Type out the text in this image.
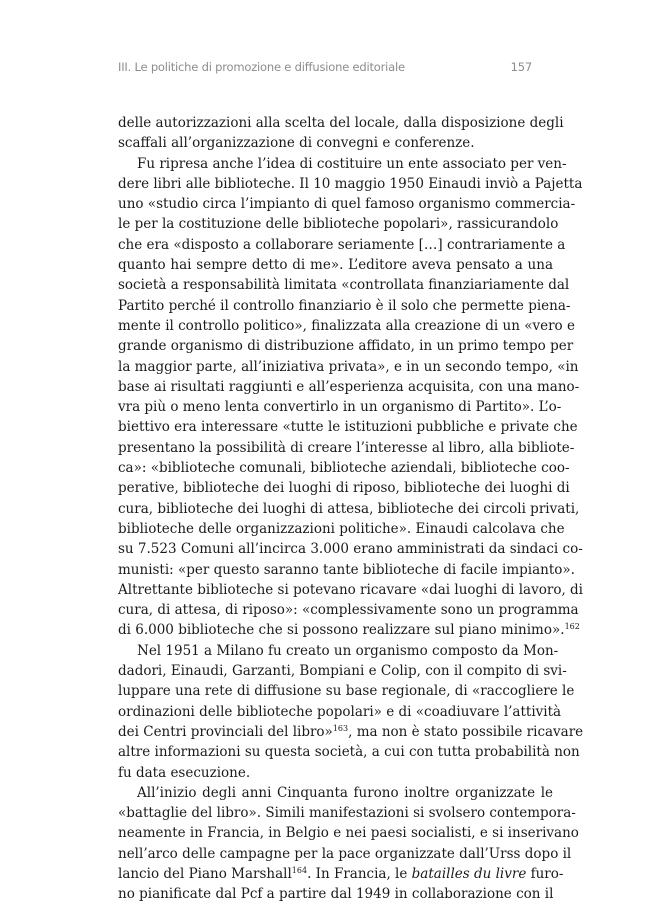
III. Le politiche di promozione e diffusione editoriale	157
delle autorizzazioni alla scelta del locale, dalla disposizione degli
scaffali all’organizzazione di convegni e conferenze.
Fu ripresa anche l’idea di costituire un ente associato per ven-
dere libri alle biblioteche. Il 10 maggio 1950 Einaudi inviò a Pajetta
uno «studio circa l’impianto di quel famoso organismo commercia-
le per la costituzione delle biblioteche popolari», rassicurandolo
che era «disposto a collaborare seriamente […] contrariamente a
quanto hai sempre detto di me». L’editore aveva pensato a una
società a responsabilità limitata «controllata finanziariamente dal
Partito perché il controllo finanziario è il solo che permette piena-
mente il controllo politico», finalizzata alla creazione di un «vero e
grande organismo di distribuzione affidato, in un primo tempo per
la maggior parte, all’iniziativa privata», e in un secondo tempo, «in
base ai risultati raggiunti e all’esperienza acquisita, con una mano-
vra più o meno lenta convertirlo in un organismo di Partito». L’o-
biettivo era interessare «tutte le istituzioni pubbliche e private che
presentano la possibilità di creare l’interesse al libro, alla bibliote-
ca»: «biblioteche comunali, biblioteche aziendali, biblioteche coo-
perative, biblioteche dei luoghi di riposo, biblioteche dei luoghi di
cura, biblioteche dei luoghi di attesa, biblioteche dei circoli privati,
biblioteche delle organizzazioni politiche». Einaudi calcolava che
su 7.523 Comuni all’incirca 3.000 erano amministrati da sindaci co-
munisti: «per questo saranno tante biblioteche di facile impianto».
Altrettante biblioteche si potevano ricavare «dai luoghi di lavoro, di
cura, di attesa, di riposo»: «complessivamente sono un programma
di 6.000 biblioteche che si possono realizzare sul piano minimo».$^{162}$
Nel 1951 a Milano fu creato un organismo composto da Mon-
dadori, Einaudi, Garzanti, Bompiani e Colip, con il compito di svi-
luppare una rete di diffusione su base regionale, di «raccogliere le
ordinazioni delle biblioteche popolari» e di «coadiuvare l’attività
dei Centri provinciali del libro»$^{163}$, ma non è stato possibile ricavare
altre informazioni su questa società, a cui con tutta probabilità non
fu data esecuzione.
All’inizio degli anni Cinquanta furono inoltre organizzate le
«battaglie del libro». Simili manifestazioni si svolsero contempora-
neamente in Francia, in Belgio e nei paesi socialisti, e si inserivano
nell’arco delle campagne per la pace organizzate dall’Urss dopo il
lancio del Piano Marshall$^{164}$. In Francia, le batailles du livre furo-
no pianificate dal Pcf a partire dal 1949 in collaborazione con il
